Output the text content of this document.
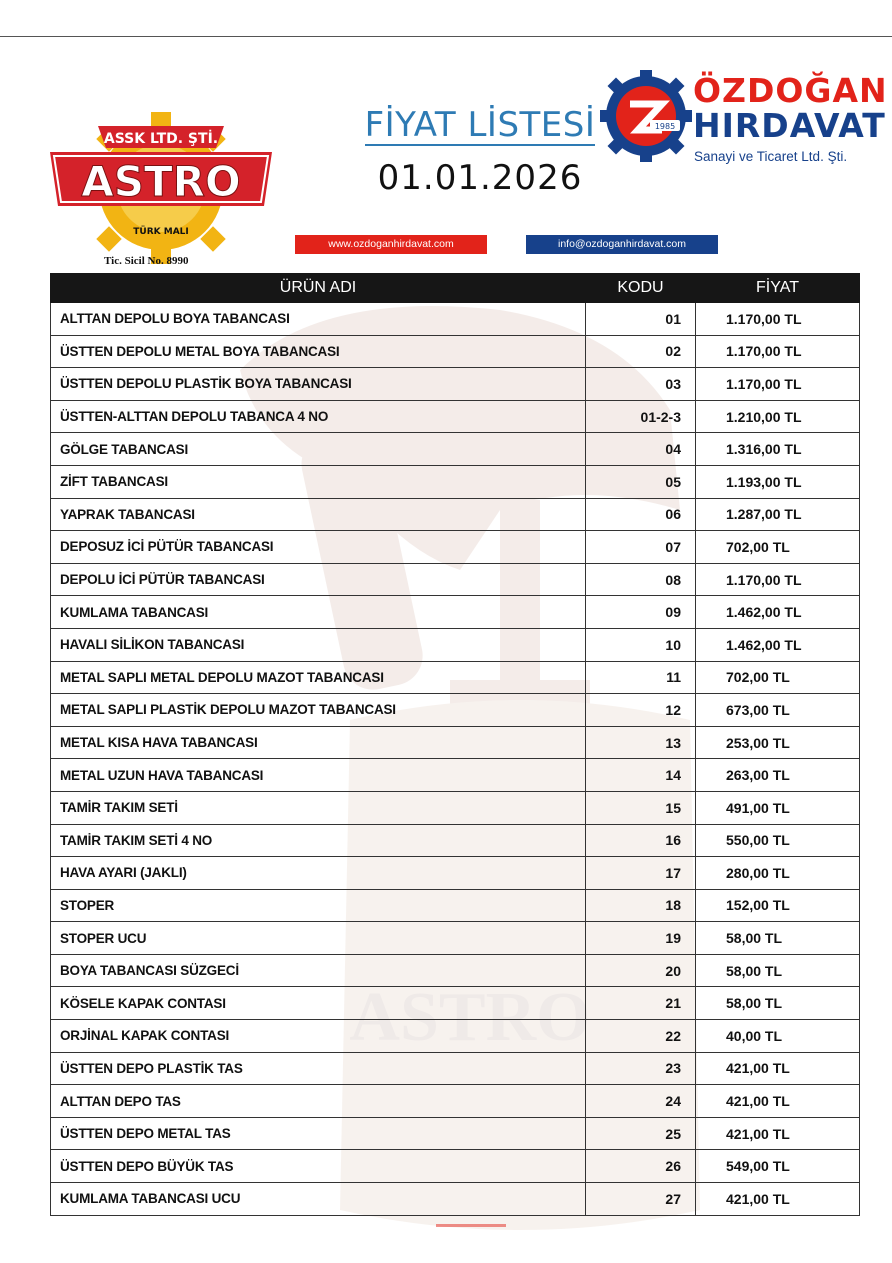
ASTRO
ASSK LTD. ŞTİ.
ASTRO
TÜRK MALI
Tic. Sicil No. 8990
FİYAT LİSTESİ
01.01.2026
1985
ÖZDOĞAN
HIRDAVAT
Sanayi ve Ticaret Ltd. Şti.
www.ozdoganhirdavat.com	info@ozdoganhirdavat.com
ÜRÜN ADI	KODU	FİYAT
ALTTAN DEPOLU BOYA TABANCASI	01	1.170,00 TL
ÜSTTEN DEPOLU METAL BOYA TABANCASI	02	1.170,00 TL
ÜSTTEN DEPOLU PLASTİK BOYA TABANCASI	03	1.170,00 TL
ÜSTTEN-ALTTAN DEPOLU TABANCA 4 NO	01-2-3	1.210,00 TL
GÖLGE TABANCASI	04	1.316,00 TL
ZİFT TABANCASI	05	1.193,00 TL
YAPRAK TABANCASI	06	1.287,00 TL
DEPOSUZ İCİ PÜTÜR TABANCASI	07	702,00 TL
DEPOLU İCİ PÜTÜR TABANCASI	08	1.170,00 TL
KUMLAMA TABANCASI	09	1.462,00 TL
HAVALI SİLİKON TABANCASI	10	1.462,00 TL
METAL SAPLI METAL DEPOLU MAZOT TABANCASI	11	702,00 TL
METAL SAPLI PLASTİK DEPOLU MAZOT TABANCASI	12	673,00 TL
METAL KISA HAVA TABANCASI	13	253,00 TL
METAL UZUN HAVA TABANCASI	14	263,00 TL
TAMİR TAKIM SETİ	15	491,00 TL
TAMİR TAKIM SETİ 4 NO	16	550,00 TL
HAVA AYARI (JAKLI)	17	280,00 TL
STOPER	18	152,00 TL
STOPER UCU	19	58,00 TL
BOYA TABANCASI SÜZGECİ	20	58,00 TL
KÖSELE KAPAK CONTASI	21	58,00 TL
ORJİNAL KAPAK CONTASI	22	40,00 TL
ÜSTTEN DEPO PLASTİK TAS	23	421,00 TL
ALTTAN DEPO TAS	24	421,00 TL
ÜSTTEN DEPO METAL TAS	25	421,00 TL
ÜSTTEN DEPO BÜYÜK TAS	26	549,00 TL
KUMLAMA TABANCASI UCU	27	421,00 TL
